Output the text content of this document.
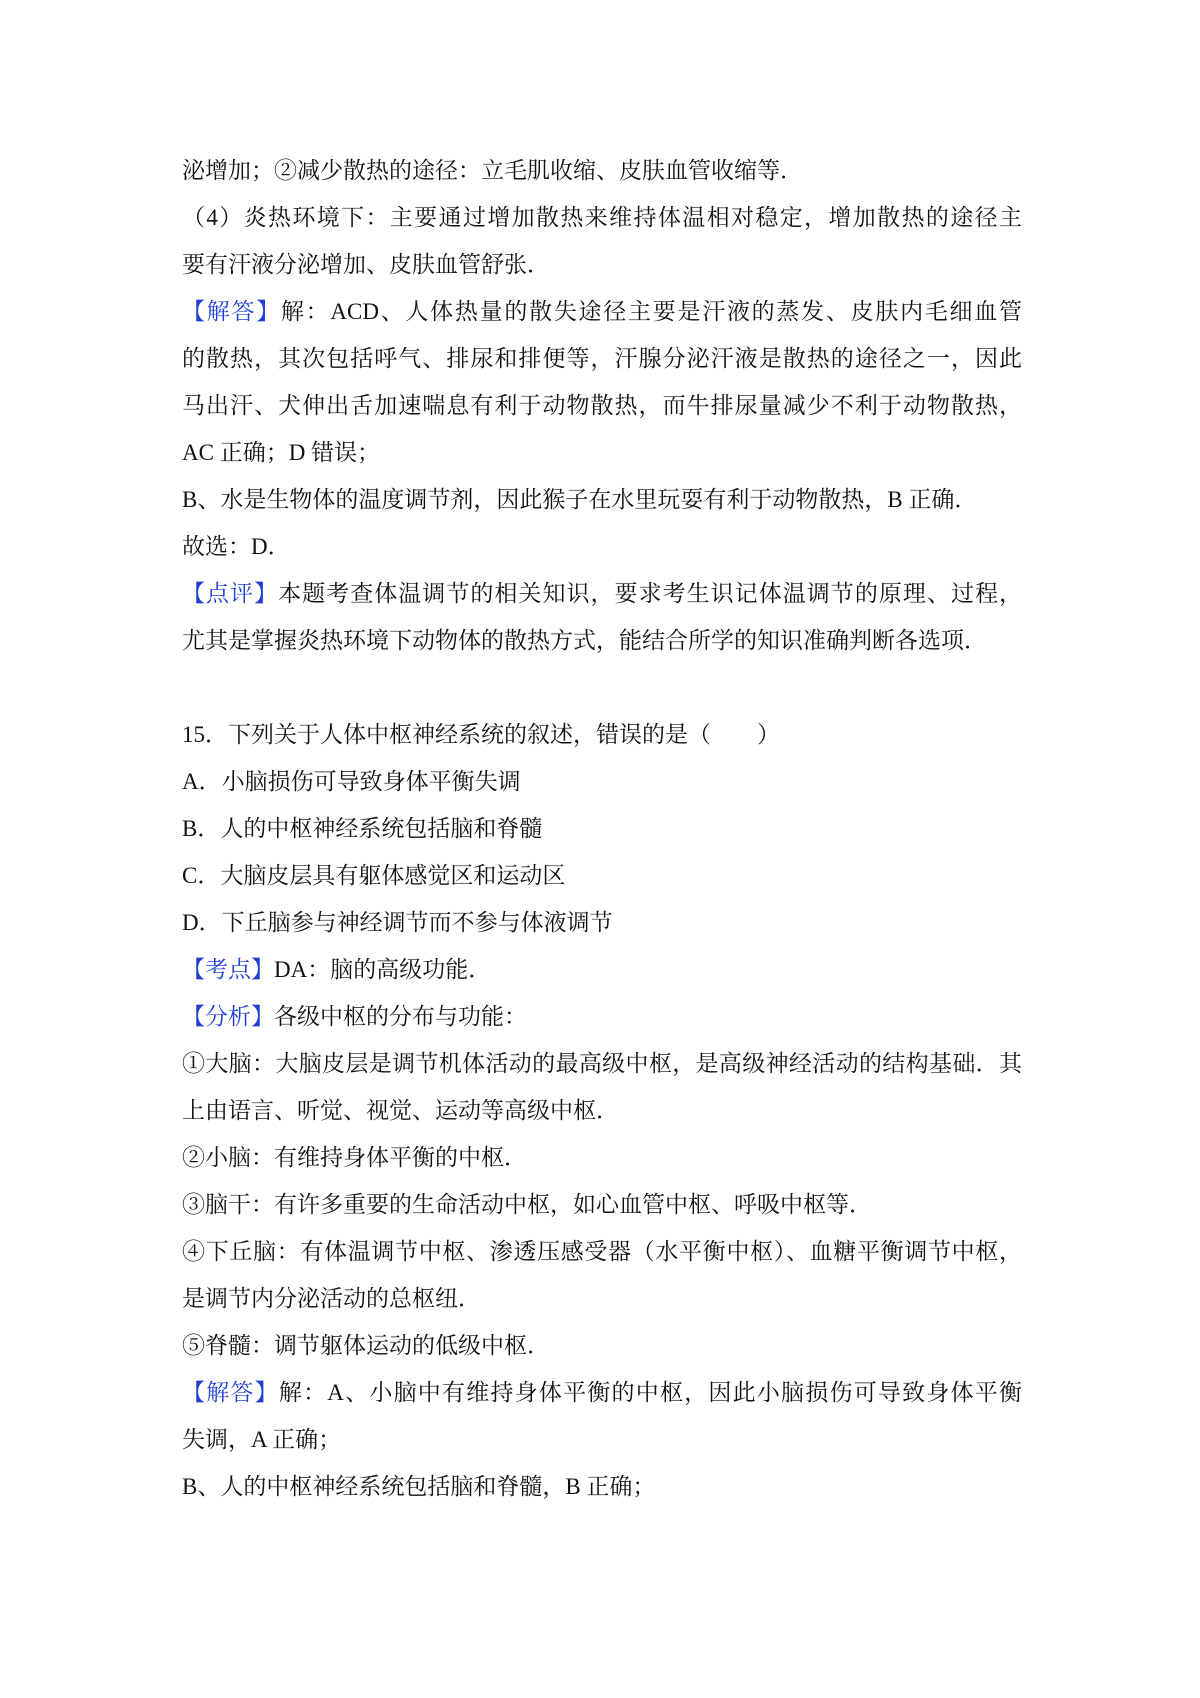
泌增加；②减少散热的途径：立毛肌收缩、皮肤血管收缩等．
（4）炎热环境下：主要通过增加散热来维持体温相对稳定，增加散热的途径主
要有汗液分泌增加、皮肤血管舒张．
【解答】解：ACD、人体热量的散失途径主要是汗液的蒸发、皮肤内毛细血管
的散热，其次包括呼气、排尿和排便等，汗腺分泌汗液是散热的途径之一，因此
马出汗、犬伸出舌加速喘息有利于动物散热，而牛排尿量减少不利于动物散热，
AC 正确；D 错误；
B、水是生物体的温度调节剂，因此猴子在水里玩耍有利于动物散热，B 正确．
故选：D．
【点评】本题考查体温调节的相关知识，要求考生识记体温调节的原理、过程，
尤其是掌握炎热环境下动物体的散热方式，能结合所学的知识准确判断各选项．
15．下列关于人体中枢神经系统的叙述，错误的是（　　）
A．小脑损伤可导致身体平衡失调
B．人的中枢神经系统包括脑和脊髓
C．大脑皮层具有躯体感觉区和运动区
D．下丘脑参与神经调节而不参与体液调节
【考点】DA：脑的高级功能．
【分析】各级中枢的分布与功能：
①大脑：大脑皮层是调节机体活动的最高级中枢，是高级神经活动的结构基础．其
上由语言、听觉、视觉、运动等高级中枢．
②小脑：有维持身体平衡的中枢．
③脑干：有许多重要的生命活动中枢，如心血管中枢、呼吸中枢等．
④下丘脑：有体温调节中枢、渗透压感受器（水平衡中枢）、血糖平衡调节中枢，
是调节内分泌活动的总枢纽．
⑤脊髓：调节躯体运动的低级中枢．
【解答】解：A、小脑中有维持身体平衡的中枢，因此小脑损伤可导致身体平衡
失调，A 正确；
B、人的中枢神经系统包括脑和脊髓，B 正确；
